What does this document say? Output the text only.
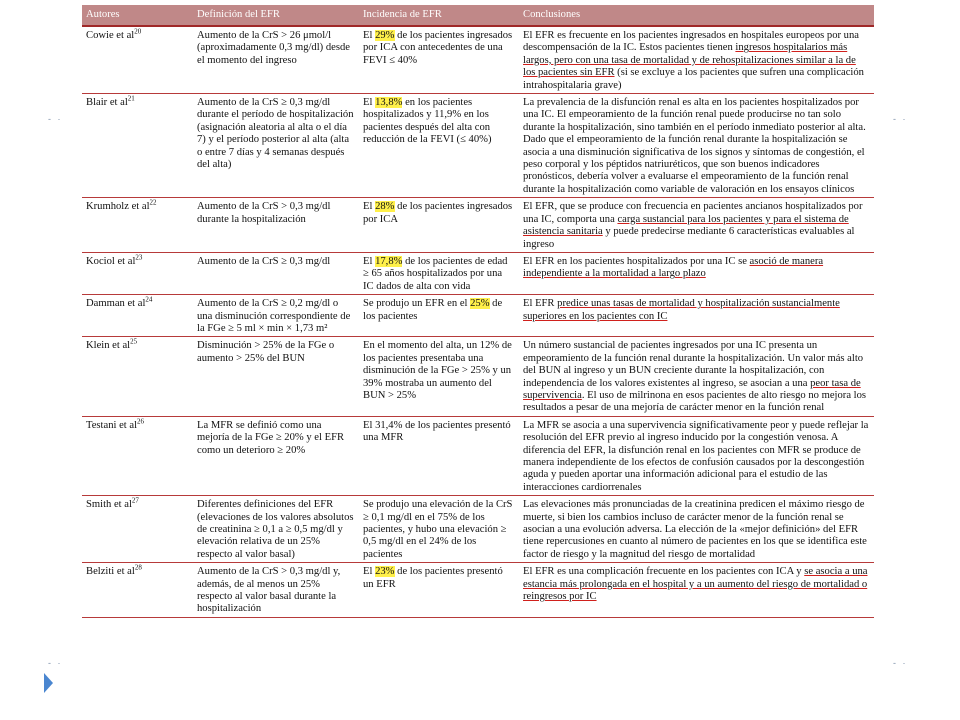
- ·	- ·
- ·	- ·
Autores	Definición del EFR	Incidencia de EFR	Conclusiones
Cowie et $al^{20}$	Aumento de la CrS > 26 μmol/l (aproximadamente 0,3 mg/dl) desde el momento del ingreso	El 29% de los pacientes ingresados por ICA con antecedentes de una FEVI ≤ 40%	El EFR es frecuente en los pacientes ingresados en hospitales europeos por una descompensación de la IC. Estos pacientes tienen ingresos hospitalarios más largos, pero con una tasa de mortalidad y de rehospitalizaciones similar a la de los pacientes sin EFR (si se excluye a los pacientes que sufren una complicación intrahospitalaria grave)
Blair et $al^{21}$	Aumento de la CrS ≥ 0,3 mg/dl durante el período de hospitalización (asignación aleatoria al alta o el día 7) y el período posterior al alta (alta o entre 7 días y 4 semanas después del alta)	El 13,8% en los pacientes hospitalizados y 11,9% en los pacientes después del alta con reducción de la FEVI (≤ 40%)	La prevalencia de la disfunción renal es alta en los pacientes hospitalizados por una IC. El empeoramiento de la función renal puede producirse no tan solo durante la hospitalización, sino también en el período inmediato posterior al alta. Dado que el empeoramiento de la función renal durante la hospitalización se asocia a una disminución significativa de los signos y síntomas de congestión, el peso corporal y los péptidos natriuréticos, que son buenos indicadores pronósticos, debería volver a evaluarse el empeoramiento de la función renal durante la hospitalización como variable de valoración en los ensayos clínicos
Krumholz et $al^{22}$	Aumento de la CrS > 0,3 mg/dl durante la hospitalización	El 28% de los pacientes ingresados por ICA	El EFR, que se produce con frecuencia en pacientes ancianos hospitalizados por una IC, comporta una carga sustancial para los pacientes y para el sistema de asistencia sanitaria y puede predecirse mediante 6 características evaluables al ingreso
Kociol et $al^{23}$	Aumento de la CrS ≥ 0,3 mg/dl	El 17,8% de los pacientes de edad ≥ 65 años hospitalizados por una IC dados de alta con vida	El EFR en los pacientes hospitalizados por una IC se asoció de manera independiente a la mortalidad a largo plazo
Damman et $al^{24}$	Aumento de la CrS ≥ 0,2 mg/dl o una disminución correspondiente de la FGe ≥ 5 ml × min × 1,73 m²	Se produjo un EFR en el 25% de los pacientes	El EFR predice unas tasas de mortalidad y hospitalización sustancialmente superiores en los pacientes con IC
Klein et $al^{25}$	Disminución > 25% de la FGe o aumento > 25% del BUN	En el momento del alta, un 12% de los pacientes presentaba una disminución de la FGe > 25% y un 39% mostraba un aumento del BUN > 25%	Un número sustancial de pacientes ingresados por una IC presenta un empeoramiento de la función renal durante la hospitalización. Un valor más alto del BUN al ingreso y un BUN creciente durante la hospitalización, con independencia de los valores existentes al ingreso, se asocian a una peor tasa de supervivencia. El uso de milrinona en esos pacientes de alto riesgo no mejora los resultados a pesar de una mejoría de carácter menor en la función renal
Testani et $al^{26}$	La MFR se definió como una mejoría de la FGe ≥ 20% y el EFR como un deterioro ≥ 20%	El 31,4% de los pacientes presentó una MFR	La MFR se asocia a una supervivencia significativamente peor y puede reflejar la resolución del EFR previo al ingreso inducido por la congestión venosa. A diferencia del EFR, la disfunción renal en los pacientes con MFR se produce de manera independiente de los efectos de confusión causados por la descongestión aguda y pueden aportar una información adicional para el estudio de las interacciones cardiorrenales
Smith et $al^{27}$	Diferentes definiciones del EFR (elevaciones de los valores absolutos de creatinina ≥ 0,1 a ≥ 0,5 mg/dl y elevación relativa de un 25% respecto al valor basal)	Se produjo una elevación de la CrS ≥ 0,1 mg/dl en el 75% de los pacientes, y hubo una elevación ≥ 0,5 mg/dl en el 24% de los pacientes	Las elevaciones más pronunciadas de la creatinina predicen el máximo riesgo de muerte, si bien los cambios incluso de carácter menor de la función renal se asocian a una evolución adversa. La elección de la «mejor definición» del EFR tiene repercusiones en cuanto al número de pacientes en los que se identifica este factor de riesgo y la magnitud del riesgo de mortalidad
Belziti et $al^{28}$	Aumento de la CrS > 0,3 mg/dl y, además, de al menos un 25% respecto al valor basal durante la hospitalización	El 23% de los pacientes presentó un EFR	El EFR es una complicación frecuente en los pacientes con ICA y se asocia a una estancia más prolongada en el hospital y a un aumento del riesgo de mortalidad o reingresos por IC
